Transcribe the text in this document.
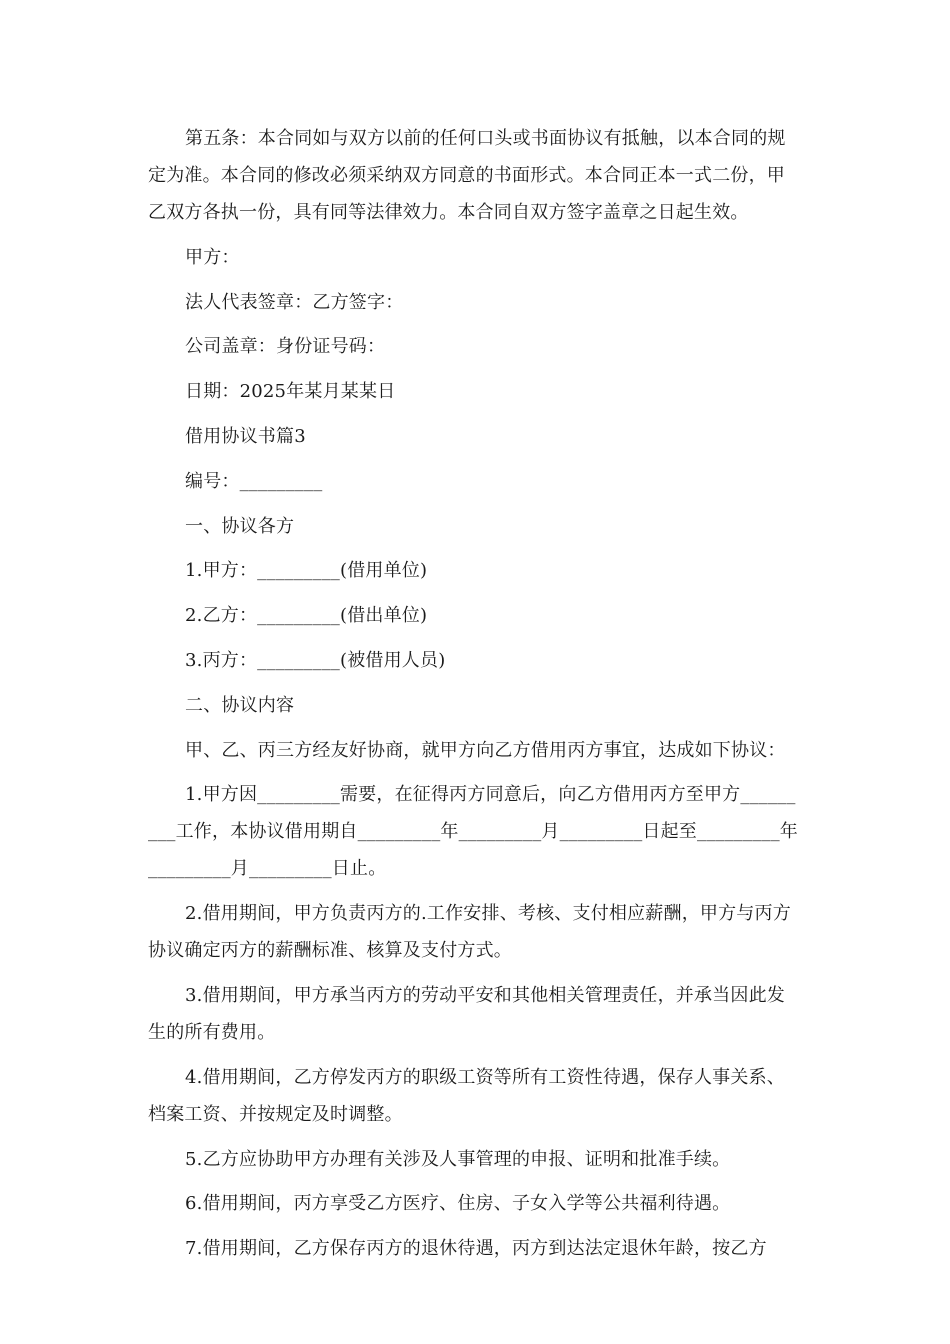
第五条：本合同如与双方以前的任何口头或书面协议有抵触，以本合同的规定为准。本合同的修改必须采纳双方同意的书面形式。本合同正本一式二份，甲乙双方各执一份，具有同等法律效力。本合同自双方签字盖章之日起生效。

甲方：

法人代表签章：乙方签字：

公司盖章：身份证号码：

日期：2025年某月某某日

借用协议书篇3

编号：_________

一、协议各方

1.甲方：_________(借用单位)

2.乙方：_________(借出单位)

3.丙方：_________(被借用人员)

二、协议内容

甲、乙、丙三方经友好协商，就甲方向乙方借用丙方事宜，达成如下协议：

1.甲方因_________需要，在征得丙方同意后，向乙方借用丙方至甲方_________工作，本协议借用期自_________年_________月_________日起至_________年_________月_________日止。

2.借用期间，甲方负责丙方的.工作安排、考核、支付相应薪酬，甲方与丙方协议确定丙方的薪酬标准、核算及支付方式。

3.借用期间，甲方承当丙方的劳动平安和其他相关管理责任，并承当因此发生的所有费用。

4.借用期间，乙方停发丙方的职级工资等所有工资性待遇，保存人事关系、档案工资、并按规定及时调整。

5.乙方应协助甲方办理有关涉及人事管理的申报、证明和批准手续。

6.借用期间，丙方享受乙方医疗、住房、子女入学等公共福利待遇。

7.借用期间，乙方保存丙方的退休待遇，丙方到达法定退休年龄，按乙方
